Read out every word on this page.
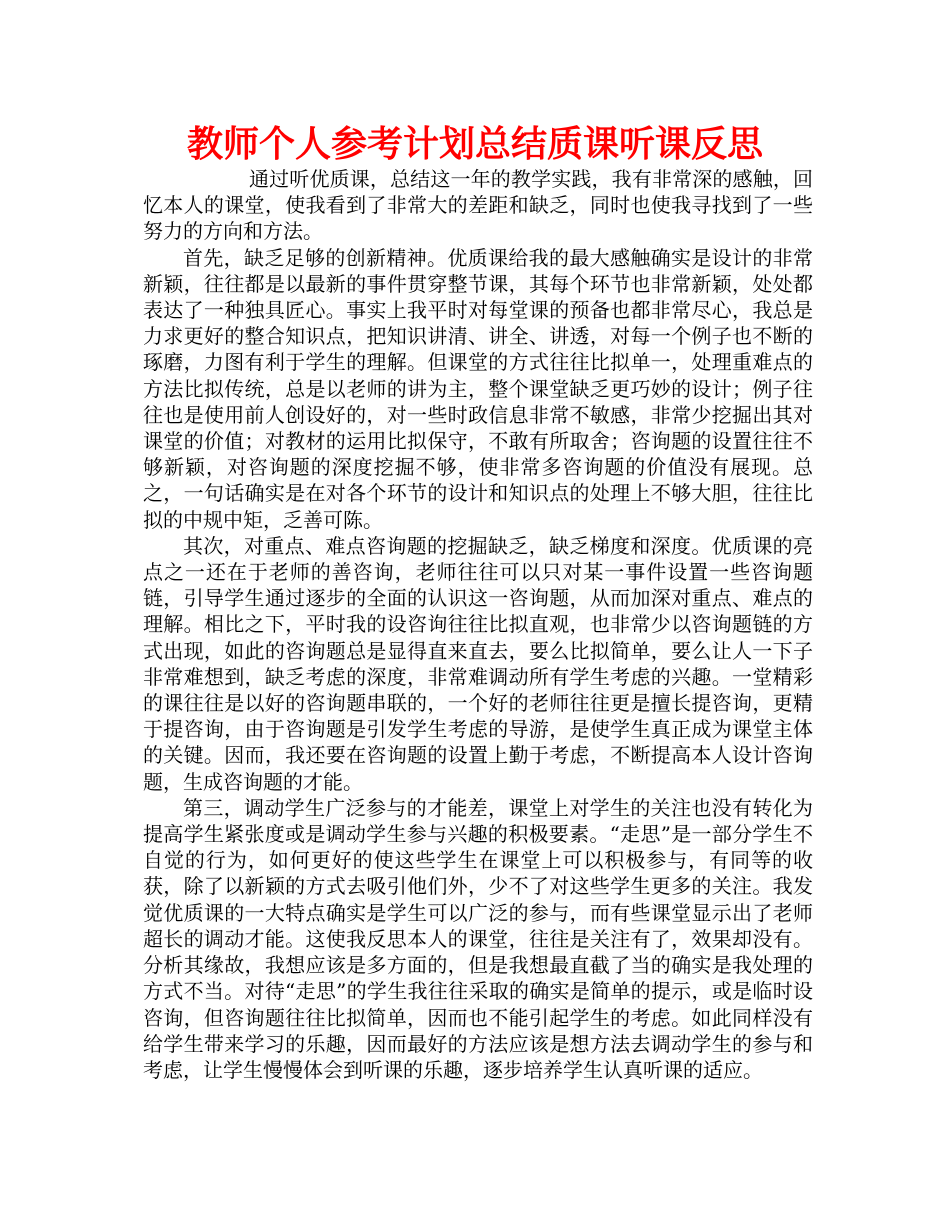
教师个人参考计划总结质课听课反思

通过听优质课，总结这一年的教学实践，我有非常深的感触，回忆本人的课堂，使我看到了非常大的差距和缺乏，同时也使我寻找到了一些努力的方向和方法。

首先，缺乏足够的创新精神。优质课给我的最大感触确实是设计的非常新颖，往往都是以最新的事件贯穿整节课，其每个环节也非常新颖，处处都表达了一种独具匠心。事实上我平时对每堂课的预备也都非常尽心，我总是力求更好的整合知识点，把知识讲清、讲全、讲透，对每一个例子也不断的琢磨，力图有利于学生的理解。但课堂的方式往往比拟单一，处理重难点的方法比拟传统，总是以老师的讲为主，整个课堂缺乏更巧妙的设计；例子往往也是使用前人创设好的，对一些时政信息非常不敏感，非常少挖掘出其对课堂的价值；对教材的运用比拟保守，不敢有所取舍；咨询题的设置往往不够新颖，对咨询题的深度挖掘不够，使非常多咨询题的价值没有展现。总之，一句话确实是在对各个环节的设计和知识点的处理上不够大胆，往往比拟的中规中矩，乏善可陈。

其次，对重点、难点咨询题的挖掘缺乏，缺乏梯度和深度。优质课的亮点之一还在于老师的善咨询，老师往往可以只对某一事件设置一些咨询题链，引导学生通过逐步的全面的认识这一咨询题，从而加深对重点、难点的理解。相比之下，平时我的设咨询往往比拟直观，也非常少以咨询题链的方式出现，如此的咨询题总是显得直来直去，要么比拟简单，要么让人一下子非常难想到，缺乏考虑的深度，非常难调动所有学生考虑的兴趣。一堂精彩的课往往是以好的咨询题串联的，一个好的老师往往更是擅长提咨询，更精于提咨询，由于咨询题是引发学生考虑的导游，是使学生真正成为课堂主体的关键。因而，我还要在咨询题的设置上勤于考虑，不断提高本人设计咨询题，生成咨询题的才能。

第三，调动学生广泛参与的才能差，课堂上对学生的关注也没有转化为提高学生紧张度或是调动学生参与兴趣的积极要素。“走思”是一部分学生不自觉的行为，如何更好的使这些学生在课堂上可以积极参与，有同等的收获，除了以新颖的方式去吸引他们外，少不了对这些学生更多的关注。我发觉优质课的一大特点确实是学生可以广泛的参与，而有些课堂显示出了老师超长的调动才能。这使我反思本人的课堂，往往是关注有了，效果却没有。分析其缘故，我想应该是多方面的，但是我想最直截了当的确实是我处理的方式不当。对待“走思”的学生我往往采取的确实是简单的提示，或是临时设咨询，但咨询题往往比拟简单，因而也不能引起学生的考虑。如此同样没有给学生带来学习的乐趣，因而最好的方法应该是想方法去调动学生的参与和考虑，让学生慢慢体会到听课的乐趣，逐步培养学生认真听课的适应。
